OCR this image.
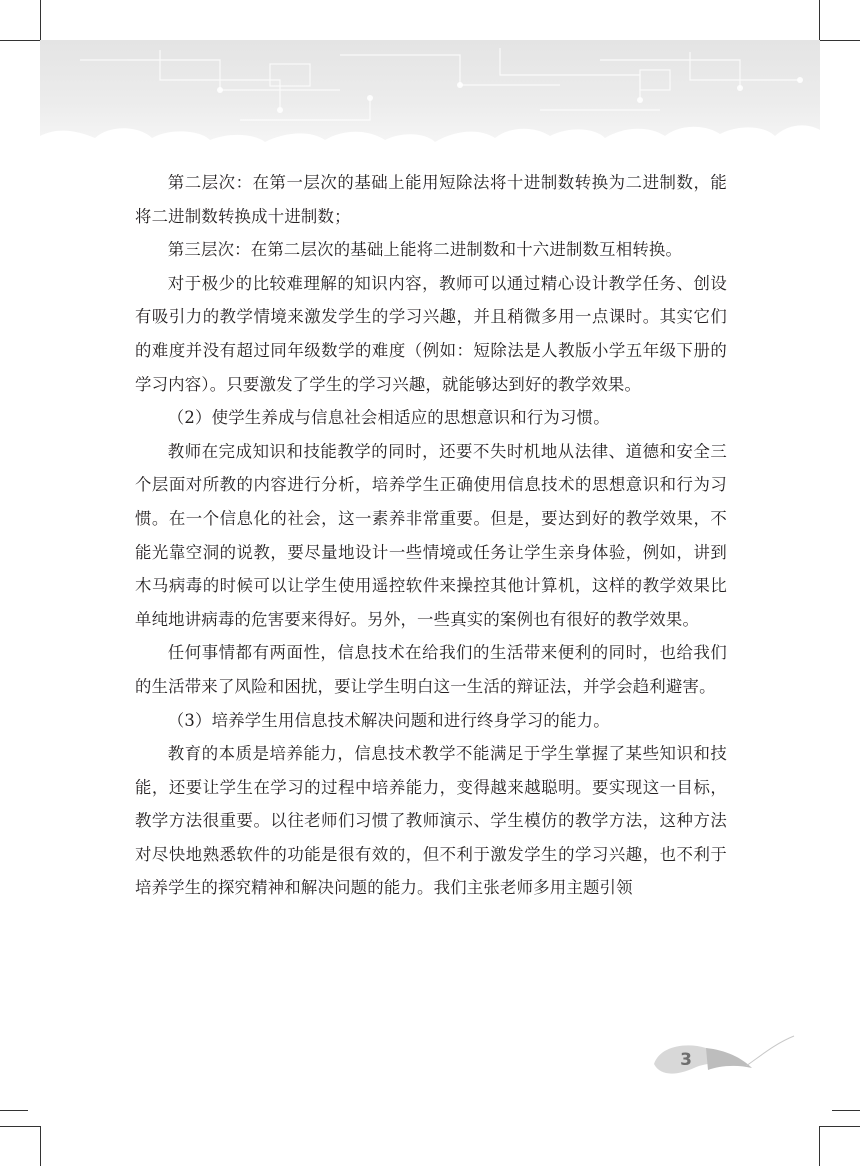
第二层次：在第一层次的基础上能用短除法将十进制数转换为二进制数，能将二进制数转换成十进制数；

第三层次：在第二层次的基础上能将二进制数和十六进制数互相转换。

对于极少的比较难理解的知识内容，教师可以通过精心设计教学任务、创设有吸引力的教学情境来激发学生的学习兴趣，并且稍微多用一点课时。其实它们的难度并没有超过同年级数学的难度（例如：短除法是人教版小学五年级下册的学习内容）。只要激发了学生的学习兴趣，就能够达到好的教学效果。

（2）使学生养成与信息社会相适应的思想意识和行为习惯。

教师在完成知识和技能教学的同时，还要不失时机地从法律、道德和安全三个层面对所教的内容进行分析，培养学生正确使用信息技术的思想意识和行为习惯。在一个信息化的社会，这一素养非常重要。但是，要达到好的教学效果，不能光靠空洞的说教，要尽量地设计一些情境或任务让学生亲身体验，例如，讲到木马病毒的时候可以让学生使用遥控软件来操控其他计算机，这样的教学效果比单纯地讲病毒的危害要来得好。另外，一些真实的案例也有很好的教学效果。

任何事情都有两面性，信息技术在给我们的生活带来便利的同时，也给我们的生活带来了风险和困扰，要让学生明白这一生活的辩证法，并学会趋利避害。

（3）培养学生用信息技术解决问题和进行终身学习的能力。

教育的本质是培养能力，信息技术教学不能满足于学生掌握了某些知识和技能，还要让学生在学习的过程中培养能力，变得越来越聪明。要实现这一目标，教学方法很重要。以往老师们习惯了教师演示、学生模仿的教学方法，这种方法对尽快地熟悉软件的功能是很有效的，但不利于激发学生的学习兴趣，也不利于培养学生的探究精神和解决问题的能力。我们主张老师多用主题引领

3
